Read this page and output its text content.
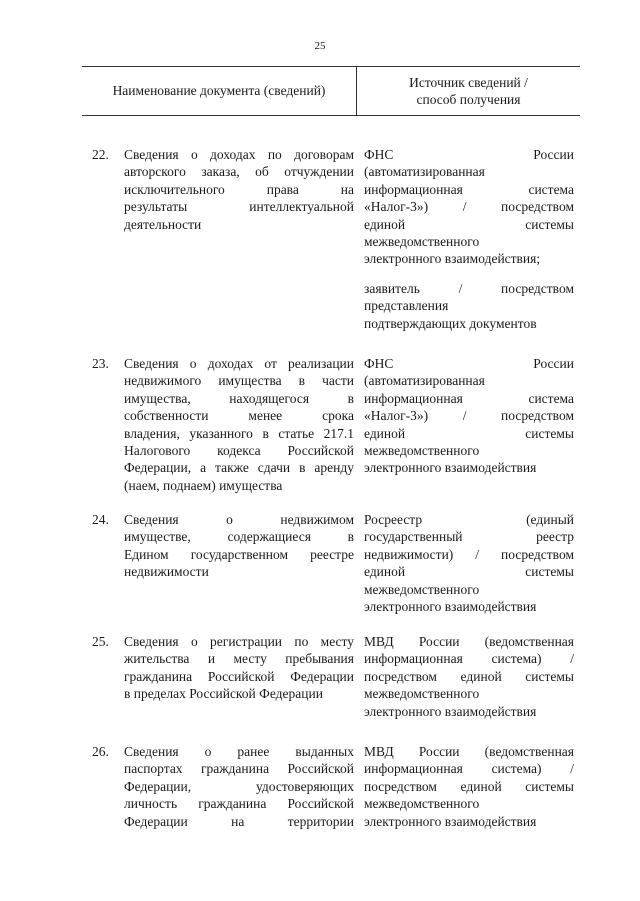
25
Наименование документа (сведений)
Источник сведений /
способ получения
22. Сведения о доходах по договорам
авторского заказа, об отчуждении
исключительного права на
результаты интеллектуальной
деятельности
ФНС России
(автоматизированная
информационная система
«Налог-3») / посредством
единой системы
межведомственного
электронного взаимодействия;
заявитель / посредством
представления
подтверждающих документов
23. Сведения о доходах от реализации
недвижимого имущества в части
имущества, находящегося в
собственности менее срока
владения, указанного в статье 217.1
Налогового кодекса Российской
Федерации, а также сдачи в аренду
(наем, поднаем) имущества
ФНС России
(автоматизированная
информационная система
«Налог-3») / посредством
единой системы
межведомственного
электронного взаимодействия
24. Сведения о недвижимом
имуществе, содержащиеся в
Едином государственном реестре
недвижимости
Росреестр (единый
государственный реестр
недвижимости) / посредством
единой системы
межведомственного
электронного взаимодействия
25. Сведения о регистрации по месту
жительства и месту пребывания
гражданина Российской Федерации
в пределах Российской Федерации
МВД России (ведомственная
информационная система) /
посредством единой системы
межведомственного
электронного взаимодействия
26. Сведения о ранее выданных
паспортах гражданина Российской
Федерации, удостоверяющих
личность гражданина Российской
Федерации на территории
МВД России (ведомственная
информационная система) /
посредством единой системы
межведомственного
электронного взаимодействия
